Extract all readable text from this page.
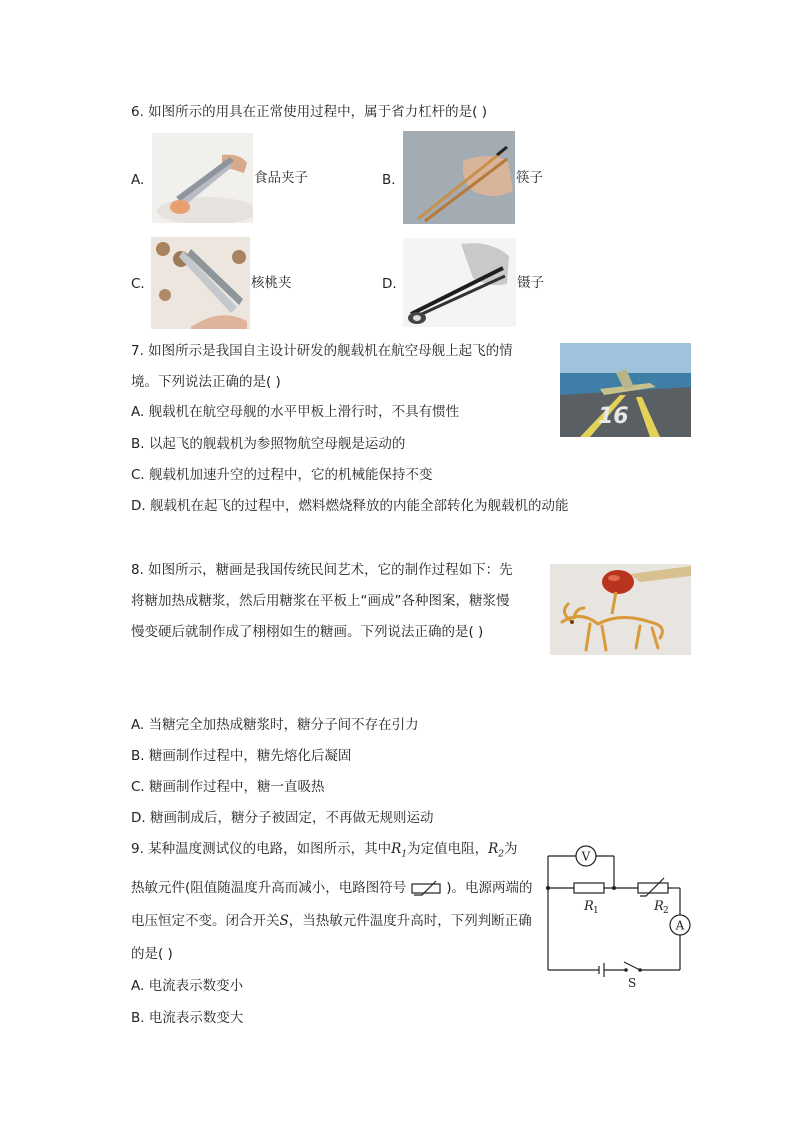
6. 如图所示的用具在正常使用过程中，属于省力杠杆的是( )
A.	食品夹子	B.	筷子
C.	核桃夹	D.	镊子
7. 如图所示是我国自主设计研发的舰载机在航空母舰上起飞的情
境。下列说法正确的是( )
16
A. 舰载机在航空母舰的水平甲板上滑行时，不具有惯性
B. 以起飞的舰载机为参照物航空母舰是运动的
C. 舰载机加速升空的过程中，它的机械能保持不变
D. 舰载机在起飞的过程中，燃料燃烧释放的内能全部转化为舰载机的动能
8. 如图所示，糖画是我国传统民间艺术，它的制作过程如下：先
将糖加热成糖浆，然后用糖浆在平板上“画成”各种图案，糖浆慢
慢变硬后就制作成了栩栩如生的糖画。下列说法正确的是( )
A. 当糖完全加热成糖浆时，糖分子间不存在引力
B. 糖画制作过程中，糖先熔化后凝固
C. 糖画制作过程中，糖一直吸热
D. 糖画制成后，糖分子被固定，不再做无规则运动
9. 某种温度测试仪的电路，如图所示，其中$R_1$为定值电阻，$R_2$为
热敏元件(阻值随温度升高而减小，电路图符号	)。电源两端的
电压恒定不变。闭合开关S，当热敏元件温度升高时，下列判断正确
的是( )
A. 电流表示数变小
B. 电流表示数变大
V
A
R 1	R 2
S
